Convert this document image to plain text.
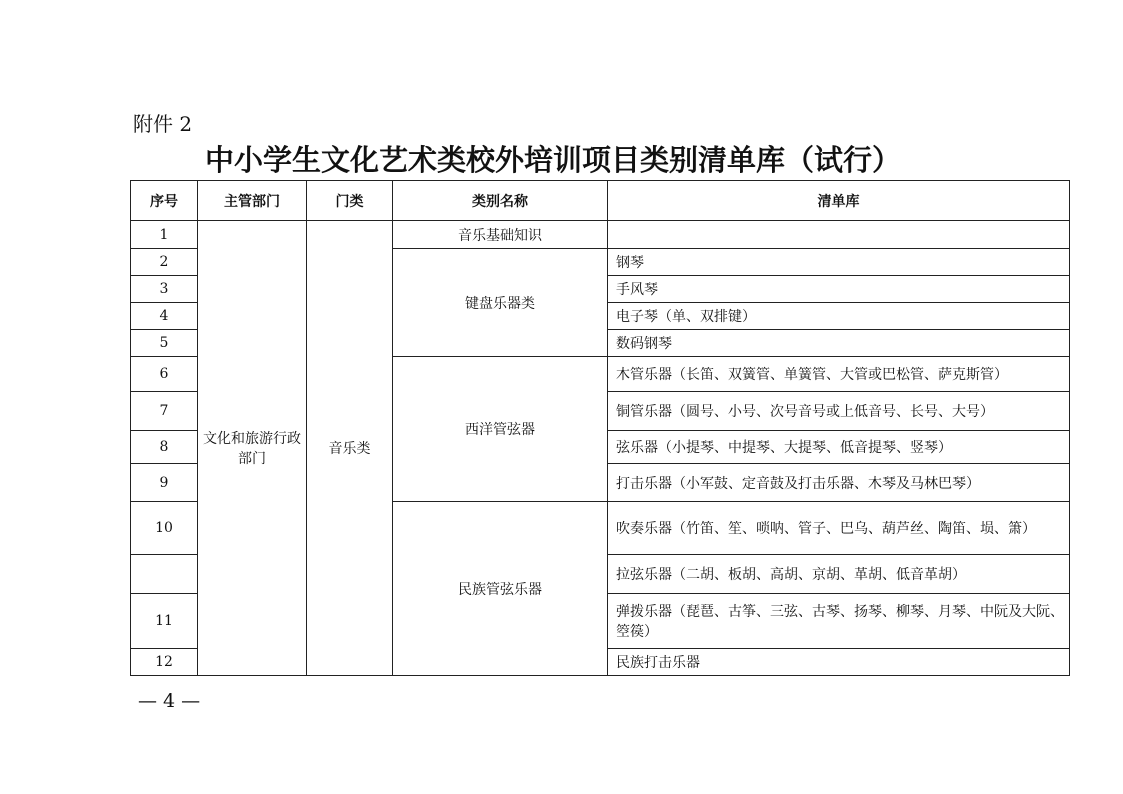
附件 2
中小学生文化艺术类校外培训项目类别清单库（试行）
序号	主管部门	门类	类别名称	清单库
1	文化和旅游行政部门	音乐类	音乐基础知识	
2			键盘乐器类	钢琴
3				手风琴
4				电子琴（单、双排键）
5				数码钢琴
6			西洋管弦器	木管乐器（长笛、双簧管、单簧管、大管或巴松管、萨克斯管）
7				铜管乐器（圆号、小号、次号音号或上低音号、长号、大号）
8				弦乐器（小提琴、中提琴、大提琴、低音提琴、竖琴）
9				打击乐器（小军鼓、定音鼓及打击乐器、木琴及马林巴琴）
10			民族管弦乐器	吹奏乐器（竹笛、笙、唢呐、管子、巴乌、葫芦丝、陶笛、埙、箫）
				拉弦乐器（二胡、板胡、高胡、京胡、革胡、低音革胡）
11				弹拨乐器（琵琶、古筝、三弦、古琴、扬琴、柳琴、月琴、中阮及大阮、箜篌）
12				民族打击乐器
— 4 —
